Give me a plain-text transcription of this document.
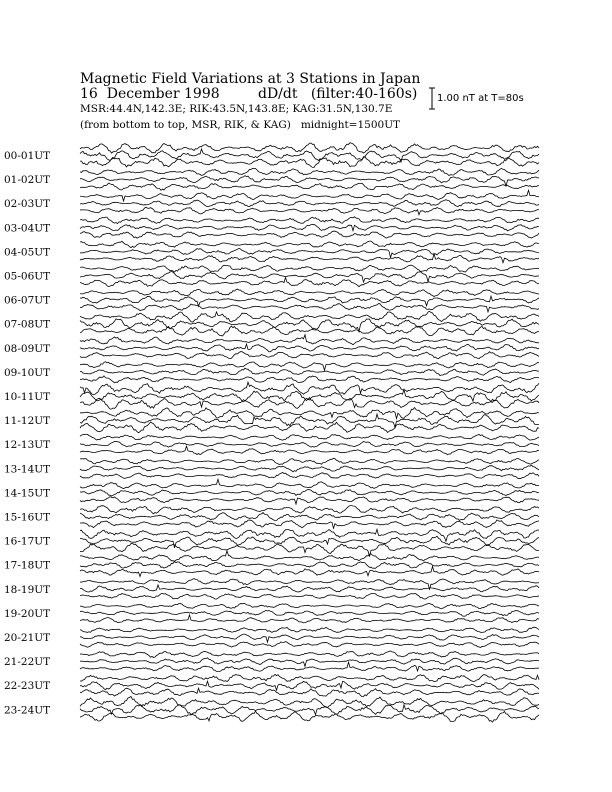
Magnetic Field Variations at 3 Stations in Japan
16  December 1998	dD/dt   (filter:40-160s)
MSR:44.4N,142.3E; RIK:43.5N,143.8E; KAG:31.5N,130.7E
(from bottom to top, MSR, RIK, & KAG)   midnight=1500UT
1.00 nT at T=80s
00-01UT
01-02UT
02-03UT
03-04UT
04-05UT
05-06UT
06-07UT
07-08UT
08-09UT
09-10UT
10-11UT
11-12UT
12-13UT
13-14UT
14-15UT
15-16UT
16-17UT
17-18UT
18-19UT
19-20UT
20-21UT
21-22UT
22-23UT
23-24UT
